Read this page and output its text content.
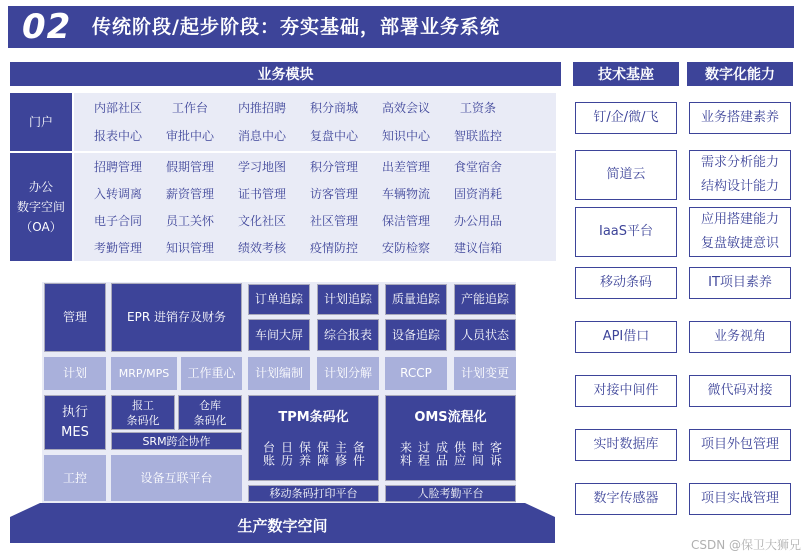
02 传统阶段/起步阶段：夯实基础，部署业务系统
业务模块
门户
内部社区	工作台	内推招聘	积分商城	高效会议	工资条
报表中心	审批中心	消息中心	复盘中心	知识中心	智联监控
办公
数字空间
（OA）
招聘管理	假期管理	学习地图	积分管理	出差管理	食堂宿舍
入转调离	薪资管理	证书管理	访客管理	车辆物流	固资消耗
电子合同	员工关怀	文化社区	社区管理	保洁管理	办公用品
考勤管理	知识管理	绩效考核	疫情防控	安防检察	建议信箱
管理	EPR 进销存及财务
订单追踪	计划追踪	质量追踪	产能追踪
车间大屏	综合报表	设备追踪	人员状态
计划	MRP/MPS	工作重心	计划编制	计划分解	RCCP	计划变更
执行
MES
报工
条码化
仓库
条码化
SRM跨企协作
TPM条码化
台账 日历 保养 保障 主修 备件
OMS流程化
来料 过程 成品 供应 时间 客诉
工控	设备互联平台
移动条码打印平台	人脸考勤平台
生产数字空间
技术基座
钉/企/微/飞
简道云
IaaS平台
移动条码
API借口
对接中间件
实时数据库
数字传感器
数字化能力
业务搭建素养
需求分析能力
结构设计能力
应用搭建能力
复盘敏捷意识
IT项目素养
业务视角
微代码对接
项目外包管理
项目实战管理
CSDN @保卫大狮兄
